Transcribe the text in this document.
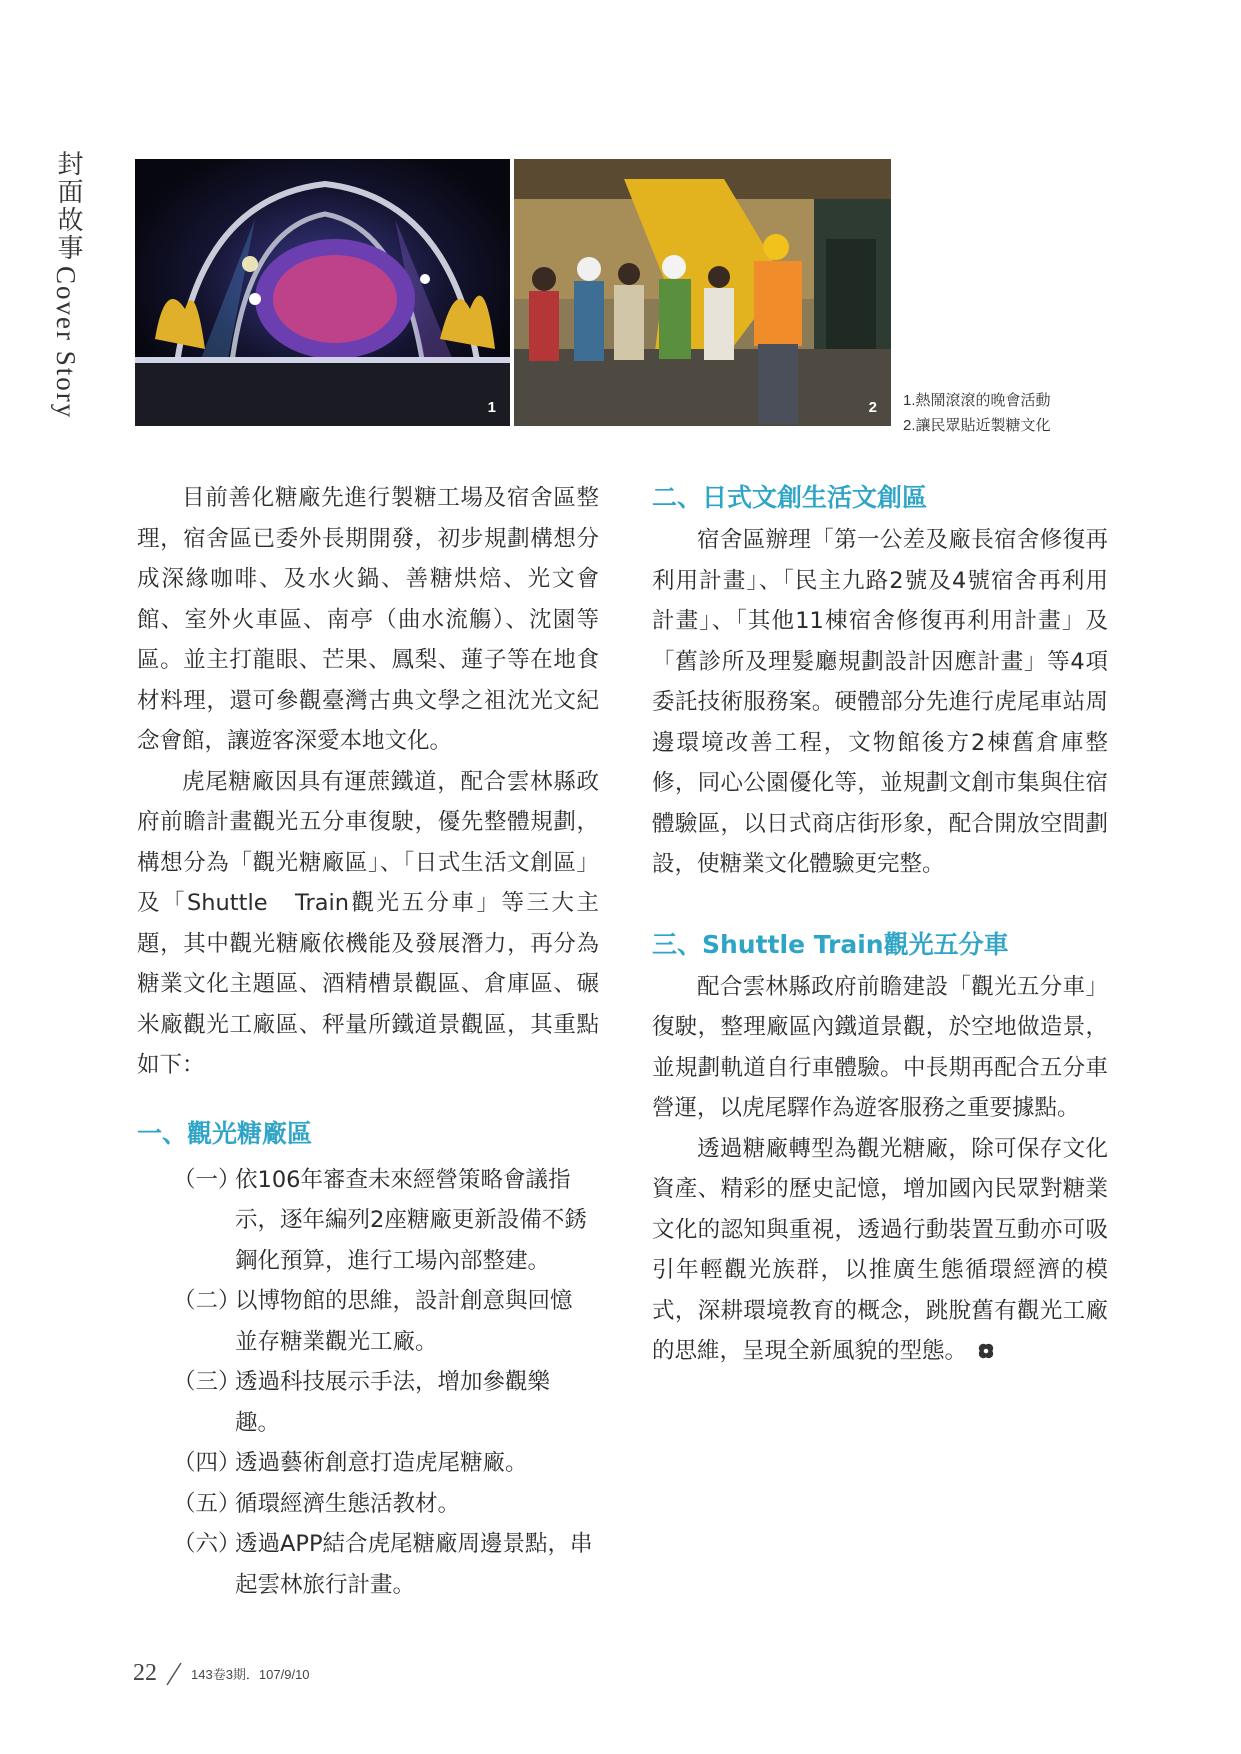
封面故事
Cover Story	1	2 1.熱鬧滾滾的晚會活動
2.讓民眾貼近製糖文化

目前善化糖廠先進行製糖工場及宿舍區整理，宿舍區已委外長期開發，初步規劃構想分成深緣咖啡、及水火鍋、善糖烘焙、光文會館、室外火車區、南亭（曲水流觴）、沈園等區。並主打龍眼、芒果、鳳梨、蓮子等在地食材料理，還可參觀臺灣古典文學之祖沈光文紀念會館，讓遊客深愛本地文化。

虎尾糖廠因具有運蔗鐵道，配合雲林縣政府前瞻計畫觀光五分車復駛，優先整體規劃，構想分為「觀光糖廠區」、「日式生活文創區」及「Shuttle　Train觀光五分車」等三大主題，其中觀光糖廠依機能及發展潛力，再分為糖業文化主題區、酒精槽景觀區、倉庫區、碾米廠觀光工廠區、秤量所鐵道景觀區，其重點如下：

一、觀光糖廠區
（一）
依106年審查未來經營策略會議指示，逐年編列2座糖廠更新設備不銹鋼化預算，進行工場內部整建。
（二）
以博物館的思維，設計創意與回憶並存糖業觀光工廠。
（三）
透過科技展示手法，增加參觀樂趣。
（四）
透過藝術創意打造虎尾糖廠。
（五）
循環經濟生態活教材。
（六）
透過APP結合虎尾糖廠周邊景點，串起雲林旅行計畫。
二、日式文創生活文創區

宿舍區辦理「第一公差及廠長宿舍修復再利用計畫」、「民主九路2號及4號宿舍再利用計畫」、「其他11棟宿舍修復再利用計畫」及「舊診所及理髮廳規劃設計因應計畫」等4項委託技術服務案。硬體部分先進行虎尾車站周邊環境改善工程，文物館後方2棟舊倉庫整修，同心公園優化等，並規劃文創市集與住宿體驗區，以日式商店街形象，配合開放空間劃設，使糖業文化體驗更完整。

三、Shuttle Train觀光五分車

配合雲林縣政府前瞻建設「觀光五分車」復駛，整理廠區內鐵道景觀，於空地做造景，並規劃軌道自行車體驗。中長期再配合五分車營運，以虎尾驛作為遊客服務之重要據點。

透過糖廠轉型為觀光糖廠，除可保存文化資產、精彩的歷史記憶，增加國內民眾對糖業文化的認知與重視，透過行動裝置互動亦可吸引年輕觀光族群，以推廣生態循環經濟的模式，深耕環境教育的概念，跳脫舊有觀光工廠的思維，呈現全新風貌的型態。

22	143卷3期．107/9/10
